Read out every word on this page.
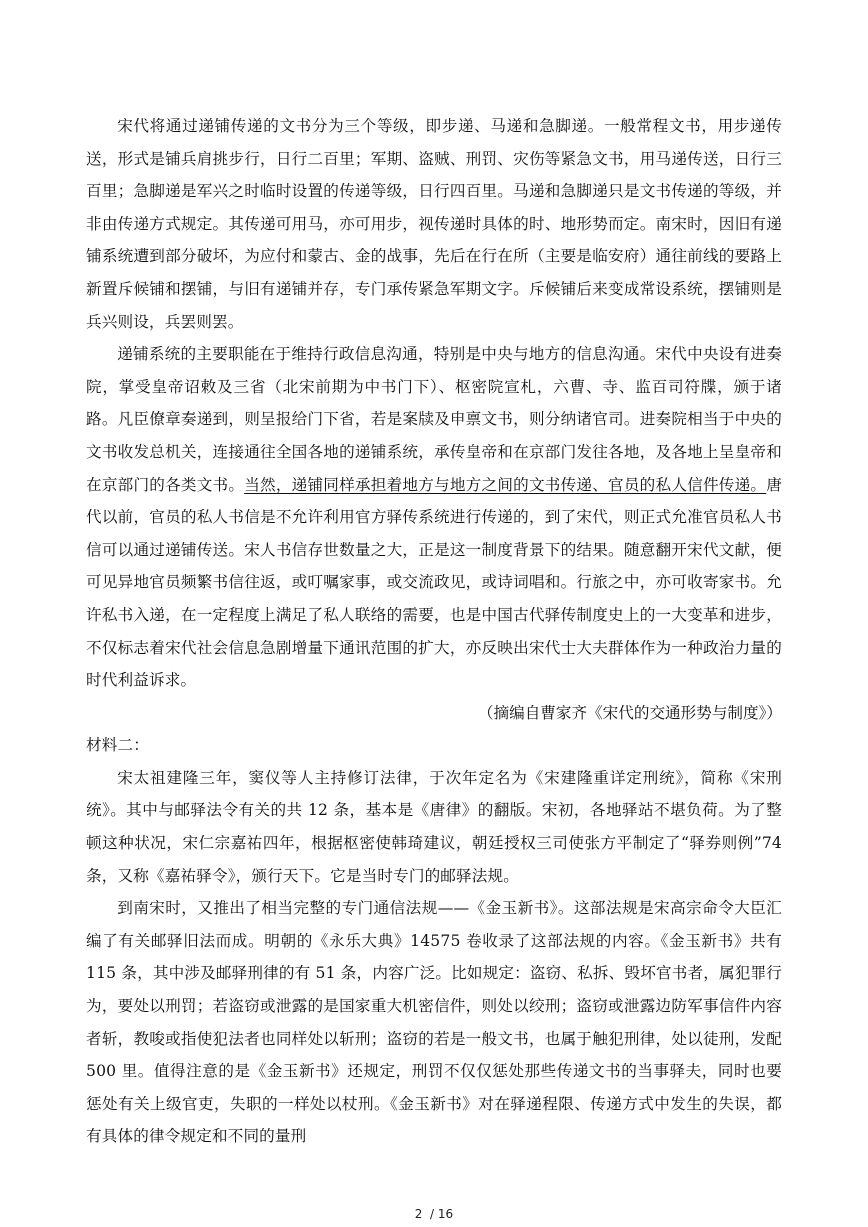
宋代将通过递铺传递的文书分为三个等级，即步递、马递和急脚递。一般常程文书，用步递传送，形式是铺兵肩挑步行，日行二百里；军期、盗贼、刑罚、灾伤等紧急文书，用马递传送，日行三百里；急脚递是军兴之时临时设置的传递等级，日行四百里。马递和急脚递只是文书传递的等级，并非由传递方式规定。其传递可用马，亦可用步，视传递时具体的时、地形势而定。南宋时，因旧有递铺系统遭到部分破坏，为应付和蒙古、金的战事，先后在行在所（主要是临安府）通往前线的要路上新置斥候铺和摆铺，与旧有递铺并存，专门承传紧急军期文字。斥候铺后来变成常设系统，摆铺则是兵兴则设，兵罢则罢。

递铺系统的主要职能在于维持行政信息沟通，特别是中央与地方的信息沟通。宋代中央设有进奏院，掌受皇帝诏敕及三省（北宋前期为中书门下）、枢密院宣札，六曹、寺、监百司符牒，颁于诸路。凡臣僚章奏递到，则呈报给门下省，若是案牍及申禀文书，则分纳诸官司。进奏院相当于中央的文书收发总机关，连接通往全国各地的递铺系统，承传皇帝和在京部门发往各地，及各地上呈皇帝和在京部门的各类文书。当然，递铺同样承担着地方与地方之间的文书传递、官员的私人信件传递。唐代以前，官员的私人书信是不允许利用官方驿传系统进行传递的，到了宋代，则正式允准官员私人书信可以通过递铺传送。宋人书信存世数量之大，正是这一制度背景下的结果。随意翻开宋代文献，便可见异地官员频繁书信往返，或叮嘱家事，或交流政见，或诗词唱和。行旅之中，亦可收寄家书。允许私书入递，在一定程度上满足了私人联络的需要，也是中国古代驿传制度史上的一大变革和进步，不仅标志着宋代社会信息急剧增量下通讯范围的扩大，亦反映出宋代士大夫群体作为一种政治力量的时代利益诉求。

（摘编自曹家齐《宋代的交通形势与制度》）

材料二：

宋太祖建隆三年，窦仪等人主持修订法律，于次年定名为《宋建隆重详定刑统》，简称《宋刑统》。其中与邮驿法令有关的共 12 条，基本是《唐律》的翻版。宋初，各地驿站不堪负荷。为了整顿这种状况，宋仁宗嘉祐四年，根据枢密使韩琦建议，朝廷授权三司使张方平制定了“驿券则例”74 条，又称《嘉祐驿令》，颁行天下。它是当时专门的邮驿法规。

到南宋时，又推出了相当完整的专门通信法规——《金玉新书》。这部法规是宋高宗命令大臣汇编了有关邮驿旧法而成。明朝的《永乐大典》14575 卷收录了这部法规的内容。《金玉新书》共有 115 条，其中涉及邮驿刑律的有 51 条，内容广泛。比如规定：盗窃、私拆、毁坏官书者，属犯罪行为，要处以刑罚；若盗窃或泄露的是国家重大机密信件，则处以绞刑；盗窃或泄露边防军事信件内容者斩，教唆或指使犯法者也同样处以斩刑；盗窃的若是一般文书，也属于触犯刑律，处以徒刑，发配 500 里。值得注意的是《金玉新书》还规定，刑罚不仅仅惩处那些传递文书的当事驿夫，同时也要惩处有关上级官吏，失职的一样处以杖刑。《金玉新书》对在驿递程限、传递方式中发生的失误，都有具体的律令规定和不同的量刑

2  / 16
